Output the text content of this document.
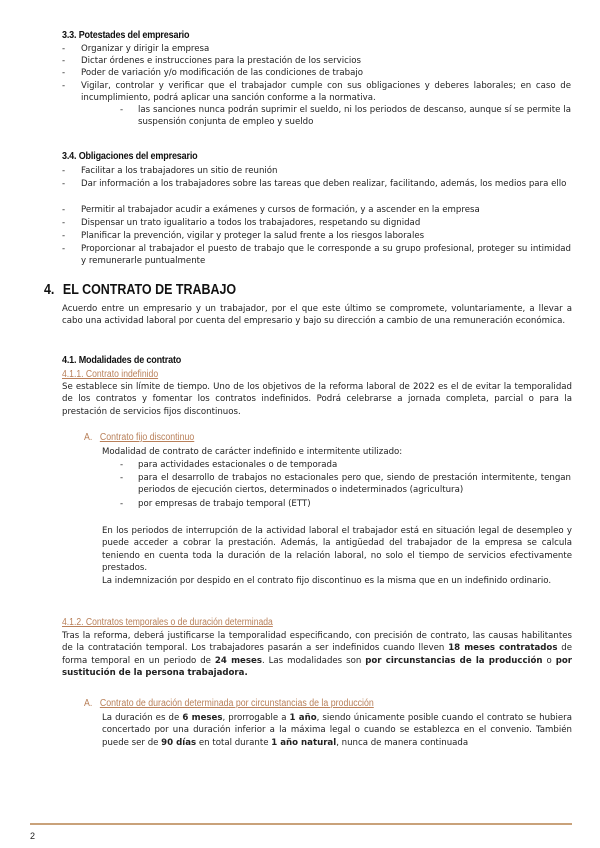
3.3. Potestades del empresario
- Organizar y dirigir la empresa
- Dictar órdenes e instrucciones para la prestación de los servicios
- Poder de variación y/o modificación de las condiciones de trabajo
- Vigilar, controlar y verificar que el trabajador cumple con sus obligaciones y deberes laborales; en caso de incumplimiento, podrá aplicar una sanción conforme a la normativa.
- las sanciones nunca podrán suprimir el sueldo, ni los periodos de descanso, aunque sí se permite la suspensión conjunta de empleo y sueldo
3.4. Obligaciones del empresario
- Facilitar a los trabajadores un sitio de reunión
- Dar información a los trabajadores sobre las tareas que deben realizar, facilitando, además, los medios para ello
- Permitir al trabajador acudir a exámenes y cursos de formación, y a ascender en la empresa
- Dispensar un trato igualitario a todos los trabajadores, respetando su dignidad
- Planificar la prevención, vigilar y proteger la salud frente a los riesgos laborales
- Proporcionar al trabajador el puesto de trabajo que le corresponde a su grupo profesional, proteger su intimidad y remunerarle puntualmente
4. EL CONTRATO DE TRABAJO
Acuerdo entre un empresario y un trabajador, por el que este último se compromete, voluntariamente, a llevar a cabo una actividad laboral por cuenta del empresario y bajo su dirección a cambio de una remuneración económica.
4.1. Modalidades de contrato
4.1.1. Contrato indefinido
Se establece sin límite de tiempo. Uno de los objetivos de la reforma laboral de 2022 es el de evitar la temporalidad de los contratos y fomentar los contratos indefinidos. Podrá celebrarse a jornada completa, parcial o para la prestación de servicios fijos discontinuos.
A. Contrato fijo discontinuo
Modalidad de contrato de carácter indefinido e intermitente utilizado:
- para actividades estacionales o de temporada
- para el desarrollo de trabajos no estacionales pero que, siendo de prestación intermitente, tengan periodos de ejecución ciertos, determinados o indeterminados (agricultura)
- por empresas de trabajo temporal (ETT)
En los periodos de interrupción de la actividad laboral el trabajador está en situación legal de desempleo y puede acceder a cobrar la prestación. Además, la antigüedad del trabajador de la empresa se calcula teniendo en cuenta toda la duración de la relación laboral, no solo el tiempo de servicios efectivamente prestados.
La indemnización por despido en el contrato fijo discontinuo es la misma que en un indefinido ordinario.
4.1.2. Contratos temporales o de duración determinada
Tras la reforma, deberá justificarse la temporalidad especificando, con precisión de contrato, las causas habilitantes de la contratación temporal. Los trabajadores pasarán a ser indefinidos cuando lleven 18 meses contratados de forma temporal en un periodo de 24 meses. Las modalidades son por circunstancias de la producción o por sustitución de la persona trabajadora.
A. Contrato de duración determinada por circunstancias de la producción
La duración es de 6 meses, prorrogable a 1 año, siendo únicamente posible cuando el contrato se hubiera concertado por una duración inferior a la máxima legal o cuando se establezca en el convenio. También puede ser de 90 días en total durante 1 año natural, nunca de manera continuada
2
